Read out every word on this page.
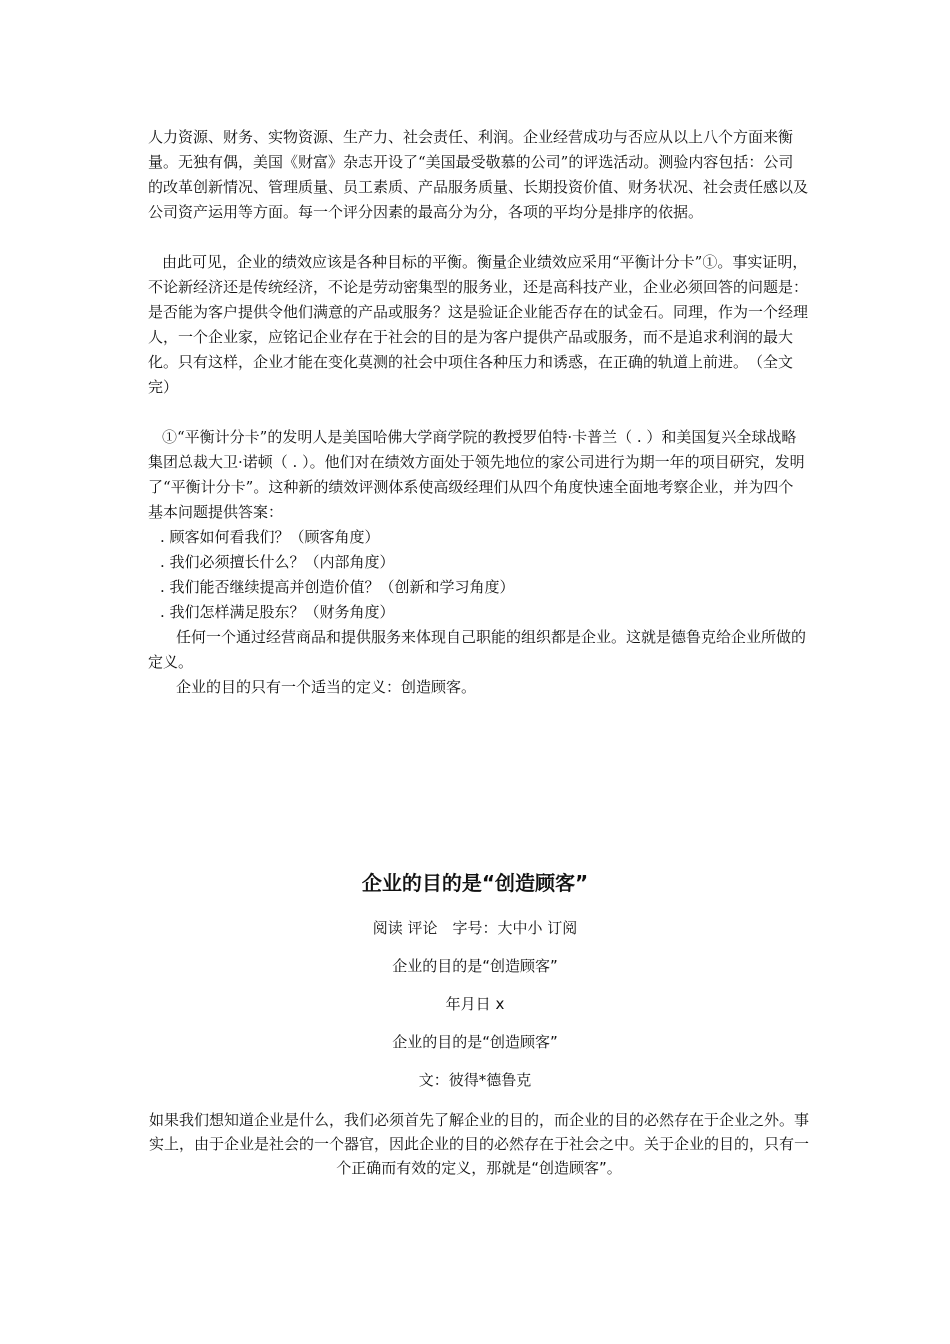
人力资源、财务、实物资源、生产力、社会责任、利润。企业经营成功与否应从以上八个方面来衡量。无独有偶，美国《财富》杂志开设了“美国最受敬慕的公司”的评选活动。测验内容包括：公司的改革创新情况、管理质量、员工素质、产品服务质量、长期投资价值、财务状况、社会责任感以及公司资产运用等方面。每一个评分因素的最高分为分，各项的平均分是排序的依据。

由此可见，企业的绩效应该是各种目标的平衡。衡量企业绩效应采用“平衡计分卡”①。事实证明，不论新经济还是传统经济，不论是劳动密集型的服务业，还是高科技产业，企业必须回答的问题是：是否能为客户提供令他们满意的产品或服务？这是验证企业能否存在的试金石。同理，作为一个经理人，一个企业家，应铭记企业存在于社会的目的是为客户提供产品或服务，而不是追求利润的最大化。只有这样，企业才能在变化莫测的社会中项住各种压力和诱惑，在正确的轨道上前进。　（全文完）

①“平衡计分卡”的发明人是美国哈佛大学商学院的教授罗伯特·卡普兰（ . ）和美国复兴全球战略集团总裁大卫·诺顿（ . ）。他们对在绩效方面处于领先地位的家公司进行为期一年的项目研究，发明了“平衡计分卡”。这种新的绩效评测体系使高级经理们从四个角度快速全面地考察企业，并为四个基本问题提供答案：

. 顾客如何看我们？（顾客角度）

. 我们必须擅长什么？（内部角度）

. 我们能否继续提高并创造价值？（创新和学习角度）

. 我们怎样满足股东？（财务角度）

任何一个通过经营商品和提供服务来体现自己职能的组织都是企业。这就是德鲁克给企业所做的定义。

企业的目的只有一个适当的定义：创造顾客。

企业的目的是“创造顾客”
阅读 评论　字号：大中小 订阅
企业的目的是“创造顾客”
年月日 x
企业的目的是“创造顾客”
文：彼得*德鲁克
如果我们想知道企业是什么，我们必须首先了解企业的目的，而企业的目的必然存在于企业之外。事实上，由于企业是社会的一个器官，因此企业的目的必然存在于社会之中。关于企业的目的，只有一个正确而有效的定义，那就是“创造顾客”。
